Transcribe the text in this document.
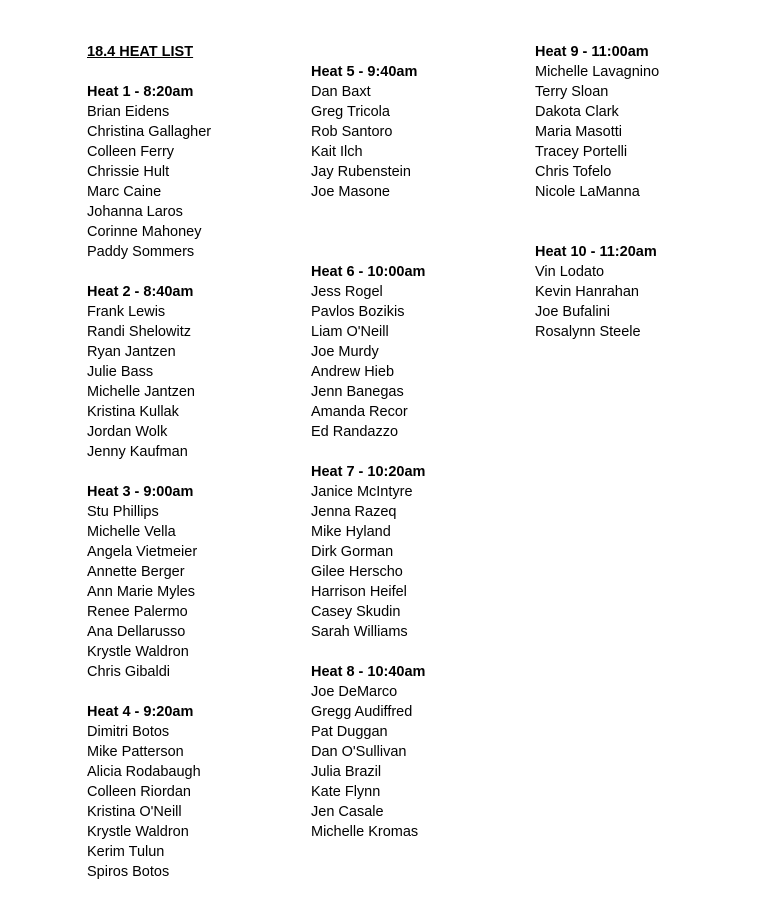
18.4 HEAT LIST
Heat 1 - 8:20am
Brian Eidens
Christina Gallagher
Colleen Ferry
Chrissie Hult
Marc Caine
Johanna Laros
Corinne Mahoney
Paddy Sommers
Heat 2 - 8:40am
Frank Lewis
Randi Shelowitz
Ryan Jantzen
Julie Bass
Michelle Jantzen
Kristina Kullak
Jordan Wolk
Jenny Kaufman
Heat 3 - 9:00am
Stu Phillips
Michelle Vella
Angela Vietmeier
Annette Berger
Ann Marie Myles
Renee Palermo
Ana Dellarusso
Krystle Waldron
Chris Gibaldi
Heat 4 - 9:20am
Dimitri Botos
Mike Patterson
Alicia Rodabaugh
Colleen Riordan
Kristina O'Neill
Krystle Waldron
Kerim Tulun
Spiros Botos
Heat 5 - 9:40am
Dan Baxt
Greg Tricola
Rob Santoro
Kait Ilch
Jay Rubenstein
Joe Masone
Heat 6 - 10:00am
Jess Rogel
Pavlos Bozikis
Liam O'Neill
Joe Murdy
Andrew Hieb
Jenn Banegas
Amanda Recor
Ed Randazzo
Heat 7 - 10:20am
Janice McIntyre
Jenna Razeq
Mike Hyland
Dirk Gorman
Gilee Herscho
Harrison Heifel
Casey Skudin
Sarah Williams
Heat 8 - 10:40am
Joe DeMarco
Gregg Audiffred
Pat Duggan
Dan O'Sullivan
Julia Brazil
Kate Flynn
Jen Casale
Michelle Kromas
Heat 9 - 11:00am
Michelle Lavagnino
Terry Sloan
Dakota Clark
Maria Masotti
Tracey Portelli
Chris Tofelo
Nicole LaManna
Heat 10 - 11:20am
Vin Lodato
Kevin Hanrahan
Joe Bufalini
Rosalynn Steele
